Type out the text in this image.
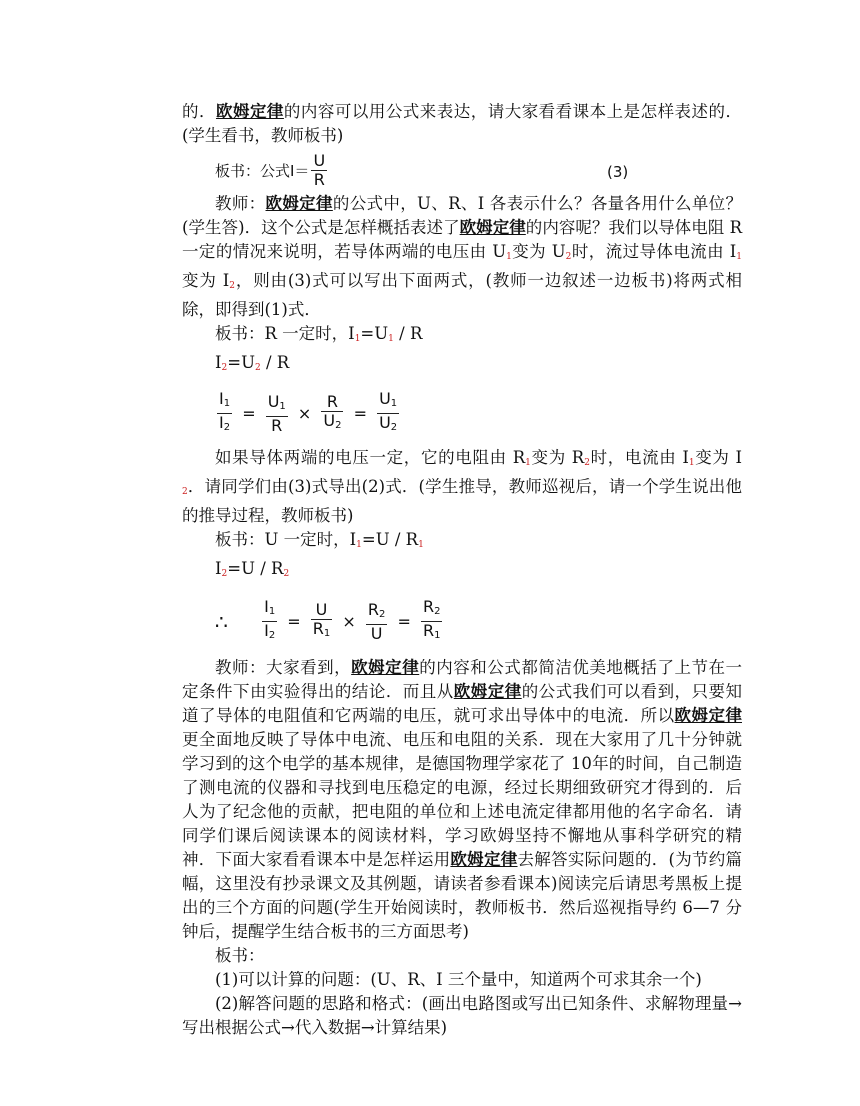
的．欧姆定律的内容可以用公式来表达，请大家看看课本上是怎样表述的．(学生看书，教师板书)

板书：公式$I= \frac{U}{R}$	(3)

教师：欧姆定律的公式中，U、R、I 各表示什么？各量各用什么单位？(学生答)．这个公式是怎样概括表述了欧姆定律的内容呢？我们以导体电阻 R 一定的情况来说明，若导体两端的电压由 $U_1$变为 $U_2$时，流过导体电流由 $I_1$变为 $I_2$，则由(3)式可以写出下面两式，(教师一边叙述一边板书)将两式相除，即得到(1)式．

板书：R 一定时，$I_1=U_1 / R$

$I_2=U_2 / R$

$\frac{I1}{I2} = \frac{U1}{R} \times \frac{R}{U2} = \frac{U1}{U2}$

如果导体两端的电压一定，它的电阻由 $R_1$变为 $R_2$时，电流由 $I_1$变为 $I_2$．请同学们由(3)式导出(2)式．(学生推导，教师巡视后，请一个学生说出他的推导过程，教师板书)

板书：U 一定时，$I_1=U / R_1$

$I_2=U / R_2$

∴ $\frac{I1}{I2} = \frac{U}{R1} \times \frac{R2}{U} = \frac{R2}{R1}$

教师：大家看到，欧姆定律的内容和公式都简洁优美地概括了上节在一定条件下由实验得出的结论．而且从欧姆定律的公式我们可以看到，只要知道了导体的电阻值和它两端的电压，就可求出导体中的电流．所以欧姆定律更全面地反映了导体中电流、电压和电阻的关系．现在大家用了几十分钟就学习到的这个电学的基本规律，是德国物理学家花了 10年的时间，自己制造了测电流的仪器和寻找到电压稳定的电源，经过长期细致研究才得到的．后人为了纪念他的贡献，把电阻的单位和上述电流定律都用他的名字命名．请同学们课后阅读课本的阅读材料，学习欧姆坚持不懈地从事科学研究的精神．下面大家看看课本中是怎样运用欧姆定律去解答实际问题的．(为节约篇幅，这里没有抄录课文及其例题，请读者参看课本)阅读完后请思考黑板上提出的三个方面的问题(学生开始阅读时，教师板书．然后巡视指导约 6—7 分钟后，提醒学生结合板书的三方面思考)

板书：

(1)可以计算的问题：(U、R、I 三个量中，知道两个可求其余一个)

(2)解答问题的思路和格式：(画出电路图或写出已知条件、求解物理量→写出根据公式→代入数据→计算结果)
